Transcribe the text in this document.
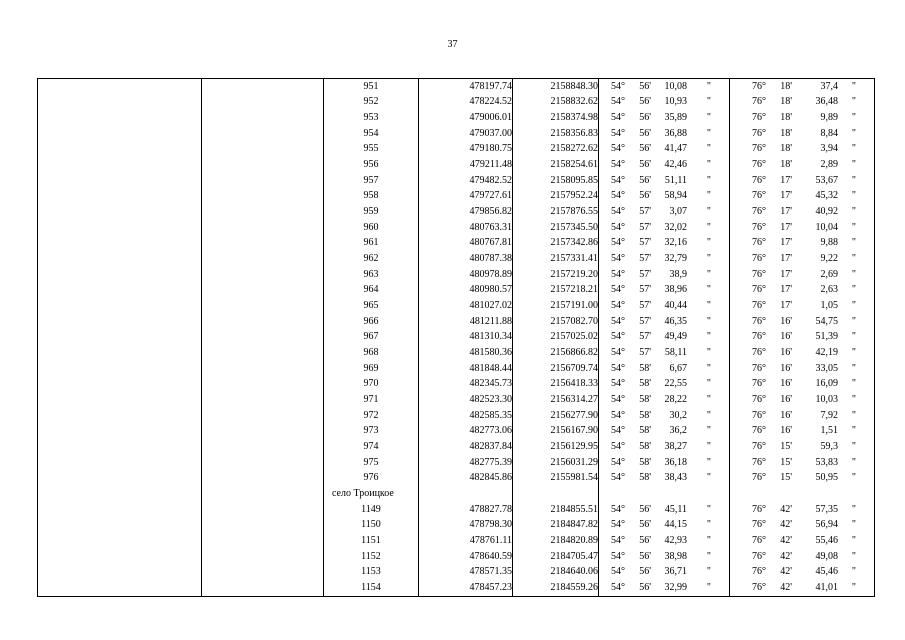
37
		951	478197.74	2158848.30	54° 56' 10,08 "	76° 18' 37,4 "

		952	478224.52	2158832.62	54° 56' 10,93 "	76° 18' 36,48 "

		953	479006.01	2158374.98	54° 56' 35,89 "	76° 18' 9,89 "

		954	479037.00	2158356.83	54° 56' 36,88 "	76° 18' 8,84 "

		955	479180.75	2158272.62	54° 56' 41,47 "	76° 18' 3,94 "

		956	479211.48	2158254.61	54° 56' 42,46 "	76° 18' 2,89 "

		957	479482.52	2158095.85	54° 56' 51,11 "	76° 17' 53,67 "

		958	479727.61	2157952.24	54° 56' 58,94 "	76° 17' 45,32 "

		959	479856.82	2157876.55	54° 57' 3,07 "	76° 17' 40,92 "

		960	480763.31	2157345.50	54° 57' 32,02 "	76° 17' 10,04 "

		961	480767.81	2157342.86	54° 57' 32,16 "	76° 17' 9,88 "

		962	480787.38	2157331.41	54° 57' 32,79 "	76° 17' 9,22 "

		963	480978.89	2157219.20	54° 57' 38,9 "	76° 17' 2,69 "

		964	480980.57	2157218.21	54° 57' 38,96 "	76° 17' 2,63 "

		965	481027.02	2157191.00	54° 57' 40,44 "	76° 17' 1,05 "

		966	481211.88	2157082.70	54° 57' 46,35 "	76° 16' 54,75 "

		967	481310.34	2157025.02	54° 57' 49,49 "	76° 16' 51,39 "

		968	481580.36	2156866.82	54° 57' 58,11 "	76° 16' 42,19 "

		969	481848.44	2156709.74	54° 58' 6,67 "	76° 16' 33,05 "

		970	482345.73	2156418.33	54° 58' 22,55 "	76° 16' 16,09 "

		971	482523.30	2156314.27	54° 58' 28,22 "	76° 16' 10,03 "

		972	482585.35	2156277.90	54° 58' 30,2 "	76° 16' 7,92 "

		973	482773.06	2156167.90	54° 58' 36,2 "	76° 16' 1,51 "

		974	482837.84	2156129.95	54° 58' 38,27 "	76° 15' 59,3 "

		975	482775.39	2156031.29	54° 58' 36,18 "	76° 15' 53,83 "

		976	482845.86	2155981.54	54° 58' 38,43 "	76° 15' 50,95 "

		село Троицкое				
		1149	478827.78	2184855.51	54° 56' 45,11 "	76° 42' 57,35 "

		1150	478798.30	2184847.82	54° 56' 44,15 "	76° 42' 56,94 "

		1151	478761.11	2184820.89	54° 56' 42,93 "	76° 42' 55,46 "

		1152	478640.59	2184705.47	54° 56' 38,98 "	76° 42' 49,08 "

		1153	478571.35	2184640.06	54° 56' 36,71 "	76° 42' 45,46 "

		1154	478457.23	2184559.26	54° 56' 32,99 "	76° 42' 41,01 "
